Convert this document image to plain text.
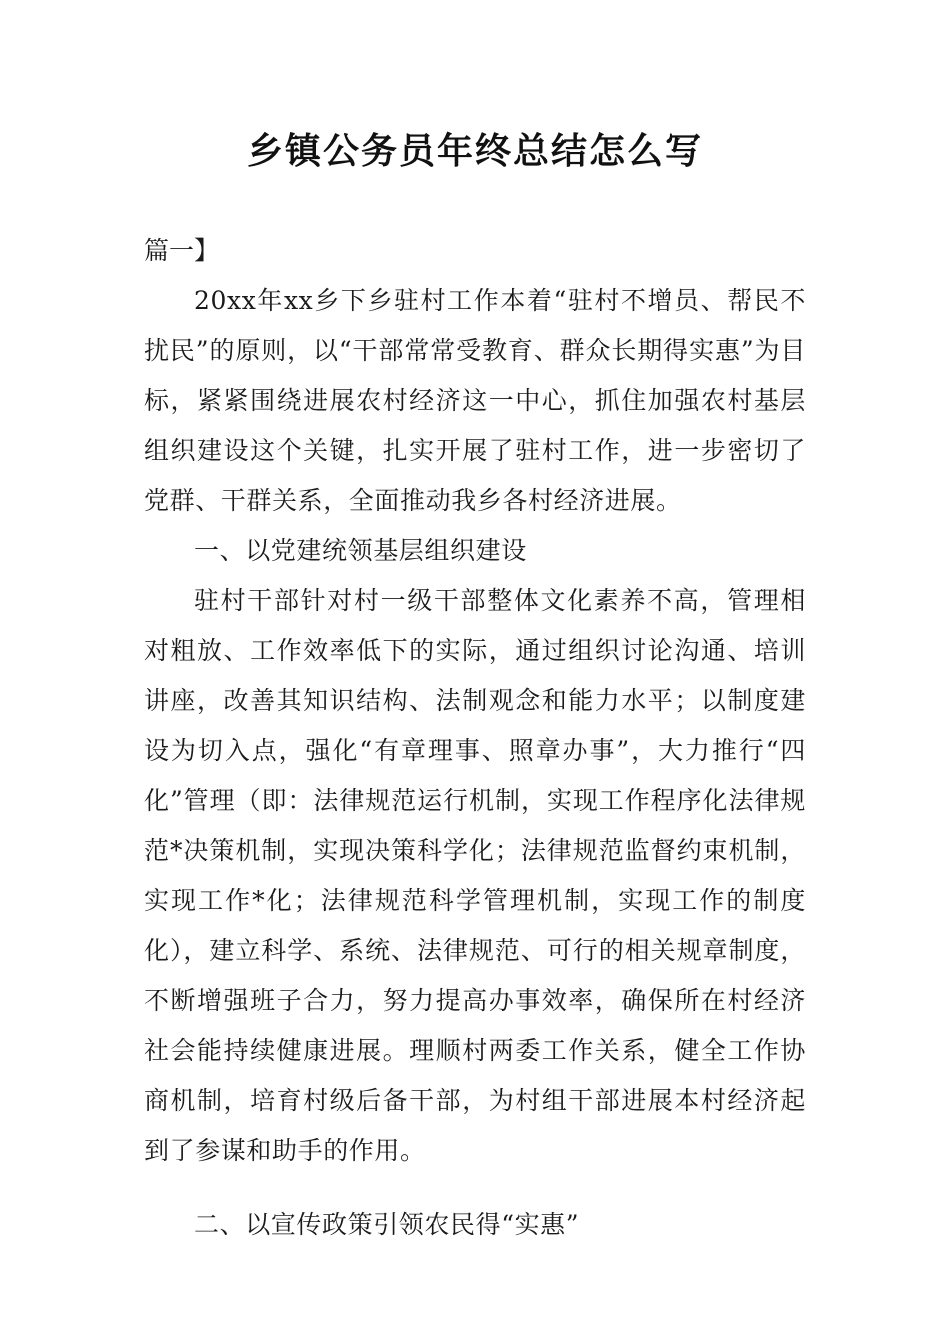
乡镇公务员年终总结怎么写

篇一】

20xx年xx乡下乡驻村工作本着“驻村不增员、帮民不扰民”的原则，以“干部常常受教育、群众长期得实惠”为目标，紧紧围绕进展农村经济这一中心，抓住加强农村基层组织建设这个关键，扎实开展了驻村工作，进一步密切了党群、干群关系，全面推动我乡各村经济进展。

一、以党建统领基层组织建设

驻村干部针对村一级干部整体文化素养不高，管理相对粗放、工作效率低下的实际，通过组织讨论沟通、培训讲座，改善其知识结构、法制观念和能力水平；以制度建设为切入点，强化“有章理事、照章办事”，大力推行“四化”管理（即：法律规范运行机制，实现工作程序化法律规范*决策机制，实现决策科学化；法律规范监督约束机制，实现工作*化；法律规范科学管理机制，实现工作的制度化），建立科学、系统、法律规范、可行的相关规章制度，不断增强班子合力，努力提高办事效率，确保所在村经济社会能持续健康进展。理顺村两委工作关系，健全工作协商机制，培育村级后备干部，为村组干部进展本村经济起到了参谋和助手的作用。

二、以宣传政策引领农民得“实惠”
